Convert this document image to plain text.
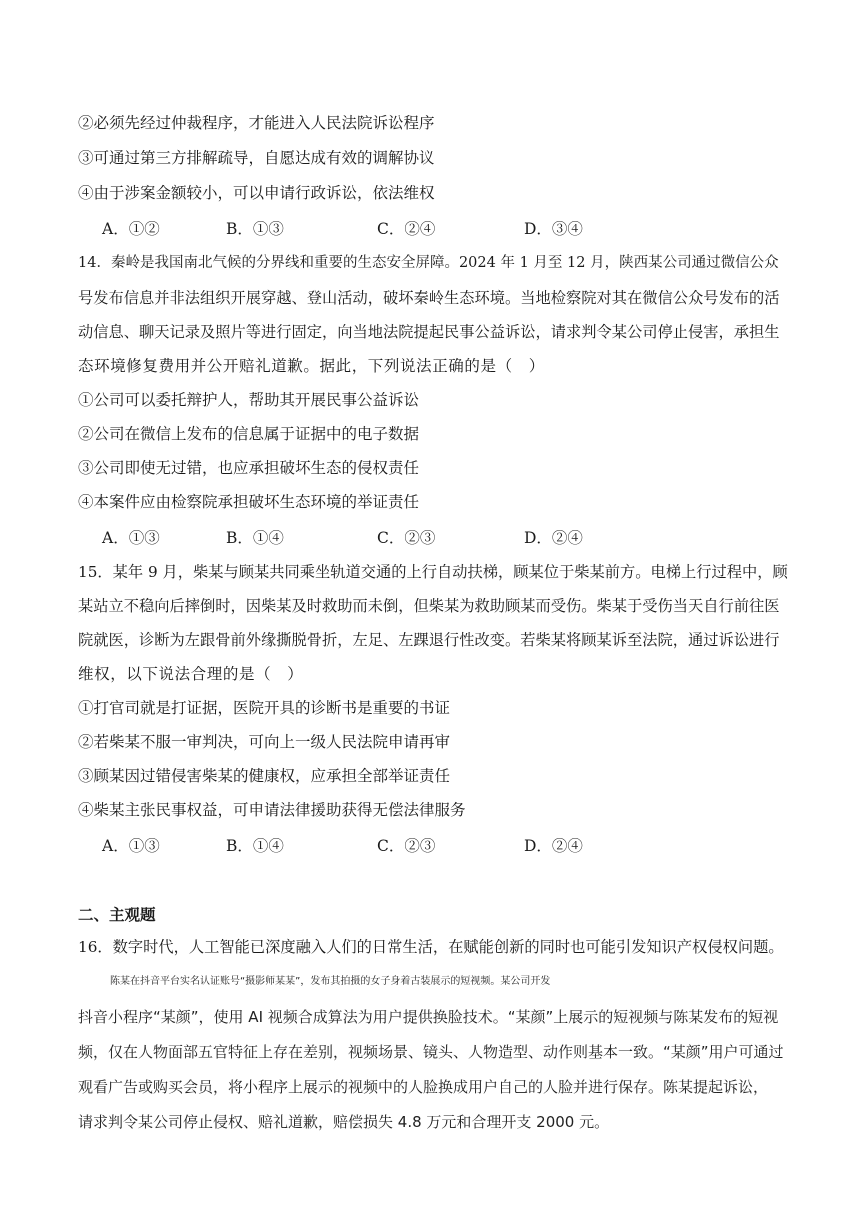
②必须先经过仲裁程序，才能进入人民法院诉讼程序
③可通过第三方排解疏导，自愿达成有效的调解协议
④由于涉案金额较小，可以申请行政诉讼，依法维权
A．①②	B．①③	C．②④	D．③④
14．秦岭是我国南北气候的分界线和重要的生态安全屏障。2024 年 1 月至 12 月，陕西某公司通过微信公众
号发布信息并非法组织开展穿越、登山活动，破坏秦岭生态环境。当地检察院对其在微信公众号发布的活
动信息、聊天记录及照片等进行固定，向当地法院提起民事公益诉讼，请求判令某公司停止侵害，承担生
态环境修复费用并公开赔礼道歉。据此，下列说法正确的是（　）
①公司可以委托辩护人，帮助其开展民事公益诉讼
②公司在微信上发布的信息属于证据中的电子数据
③公司即使无过错，也应承担破坏生态的侵权责任
④本案件应由检察院承担破坏生态环境的举证责任
A．①③	B．①④	C．②③	D．②④
15．某年 9 月，柴某与顾某共同乘坐轨道交通的上行自动扶梯，顾某位于柴某前方。电梯上行过程中，顾
某站立不稳向后摔倒时，因柴某及时救助而未倒，但柴某为救助顾某而受伤。柴某于受伤当天自行前往医
院就医，诊断为左跟骨前外缘撕脱骨折，左足、左踝退行性改变。若柴某将顾某诉至法院，通过诉讼进行
维权，以下说法合理的是（　）
①打官司就是打证据，医院开具的诊断书是重要的书证
②若柴某不服一审判决，可向上一级人民法院申请再审
③顾某因过错侵害柴某的健康权，应承担全部举证责任
④柴某主张民事权益，可申请法律援助获得无偿法律服务
A．①③	B．①④	C．②③	D．②④
二、主观题
16．数字时代，人工智能已深度融入人们的日常生活，在赋能创新的同时也可能引发知识产权侵权问题。
陈某在抖音平台实名认证账号“摄影师某某”，发布其拍摄的女子身着古装展示的短视频。某公司开发
抖音小程序“某颜”，使用 AI 视频合成算法为用户提供换脸技术。“某颜”上展示的短视频与陈某发布的短视
频，仅在人物面部五官特征上存在差别，视频场景、镜头、人物造型、动作则基本一致。“某颜”用户可通过
观看广告或购买会员，将小程序上展示的视频中的人脸换成用户自己的人脸并进行保存。陈某提起诉讼，
请求判令某公司停止侵权、赔礼道歉，赔偿损失 4.8 万元和合理开支 2000 元。
